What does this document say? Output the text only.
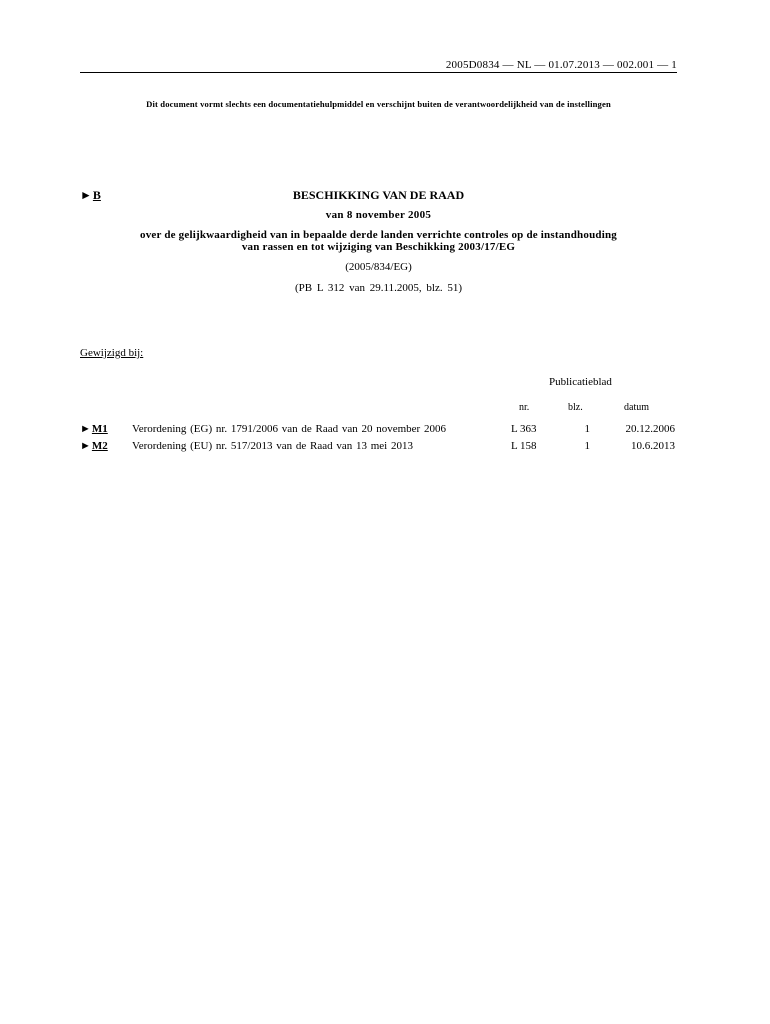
2005D0834 — NL — 01.07.2013 — 002.001 — 1
Dit document vormt slechts een documentatiehulpmiddel en verschijnt buiten de verantwoordelijkheid van de instellingen
►B	BESCHIKKING VAN DE RAAD
van 8 november 2005
over de gelijkwaardigheid van in bepaalde derde landen verrichte controles op de instandhouding
van rassen en tot wijziging van Beschikking 2003/17/EG
(2005/834/EG)
(PB L 312 van 29.11.2005, blz. 51)
Gewijzigd bij:
Publicatieblad
nr.	blz.	datum
►M1 Verordening (EG) nr. 1791/2006 van de Raad van 20 november 2006	L 363	1	20.12.2006
►M2 Verordening (EU) nr. 517/2013 van de Raad van 13 mei 2013	L 158	1	10.6.2013
